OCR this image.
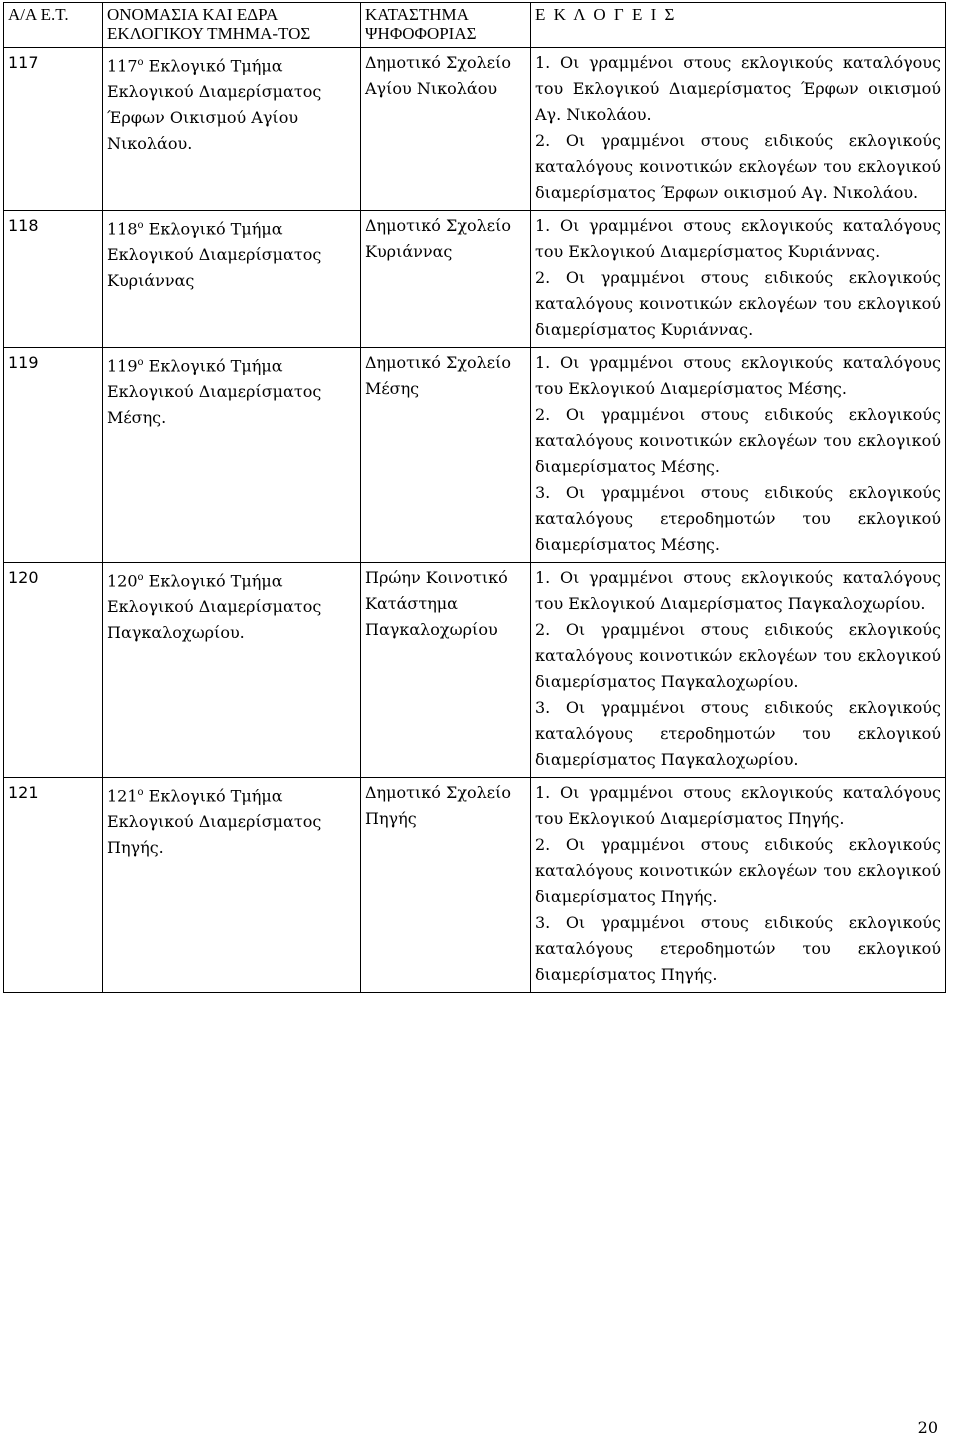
Α/Α Ε.Τ.	ΟΝΟΜΑΣΙΑ ΚΑΙ ΕΔΡΑ ΕΚΛΟΓΙΚΟΥ ΤΜΗΜΑ-ΤΟΣ	ΚΑΤΑΣΤΗΜΑ ΨΗΦΟΦΟΡΙΑΣ	Ε Κ Λ Ο Γ Ε Ι Σ
117	$117^o$ Εκλογικό Τμήμα Εκλογικού Διαμερίσματος Έρφων Οικισμού Αγίου Νικολάου.	Δημοτικό Σχολείο Αγίου Νικολάου	1. Οι γραμμένοι στους εκλογικούς καταλόγους του Εκλογικού Διαμερίσματος Έρφων οικισμού Αγ. Νικολάου.

2. Οι γραμμένοι στους ειδικούς εκλογικούς καταλόγους κοινοτικών εκλογέων του εκλογικού διαμερίσματος Έρφων οικισμού Αγ. Νικολάου.

118	$118^o$ Εκλογικό Τμήμα Εκλογικού Διαμερίσματος Κυριάννας	Δημοτικό Σχολείο Κυριάννας	1. Οι γραμμένοι στους εκλογικούς καταλόγους του Εκλογικού Διαμερίσματος Κυριάννας.

2. Οι γραμμένοι στους ειδικούς εκλογικούς καταλόγους κοινοτικών εκλογέων του εκλογικού διαμερίσματος Κυριάννας.

119	$119^o$ Εκλογικό Τμήμα Εκλογικού Διαμερίσματος Μέσης.	Δημοτικό Σχολείο Μέσης	1. Οι γραμμένοι στους εκλογικούς καταλόγους του Εκλογικού Διαμερίσματος Μέσης.

2. Οι γραμμένοι στους ειδικούς εκλογικούς καταλόγους κοινοτικών εκλογέων του εκλογικού διαμερίσματος Μέσης.

3. Οι γραμμένοι στους ειδικούς εκλογικούς καταλόγους ετεροδημοτών του εκλογικού διαμερίσματος Μέσης.

120	$120^o$ Εκλογικό Τμήμα Εκλογικού Διαμερίσματος Παγκαλοχωρίου.	Πρώην Κοινοτικό Κατάστημα Παγκαλοχωρίου	1. Οι γραμμένοι στους εκλογικούς καταλόγους του Εκλογικού Διαμερίσματος Παγκαλοχωρίου.

2. Οι γραμμένοι στους ειδικούς εκλογικούς καταλόγους κοινοτικών εκλογέων του εκλογικού διαμερίσματος Παγκαλοχωρίου.

3. Οι γραμμένοι στους ειδικούς εκλογικούς καταλόγους ετεροδημοτών του εκλογικού διαμερίσματος Παγκαλοχωρίου.

121	$121^o$ Εκλογικό Τμήμα Εκλογικού Διαμερίσματος Πηγής.	Δημοτικό Σχολείο Πηγής	1. Οι γραμμένοι στους εκλογικούς καταλόγους του Εκλογικού Διαμερίσματος Πηγής.

2. Οι γραμμένοι στους ειδικούς εκλογικούς καταλόγους κοινοτικών εκλογέων του εκλογικού διαμερίσματος Πηγής.

3. Οι γραμμένοι στους ειδικούς εκλογικούς καταλόγους ετεροδημοτών του εκλογικού διαμερίσματος Πηγής.

20
